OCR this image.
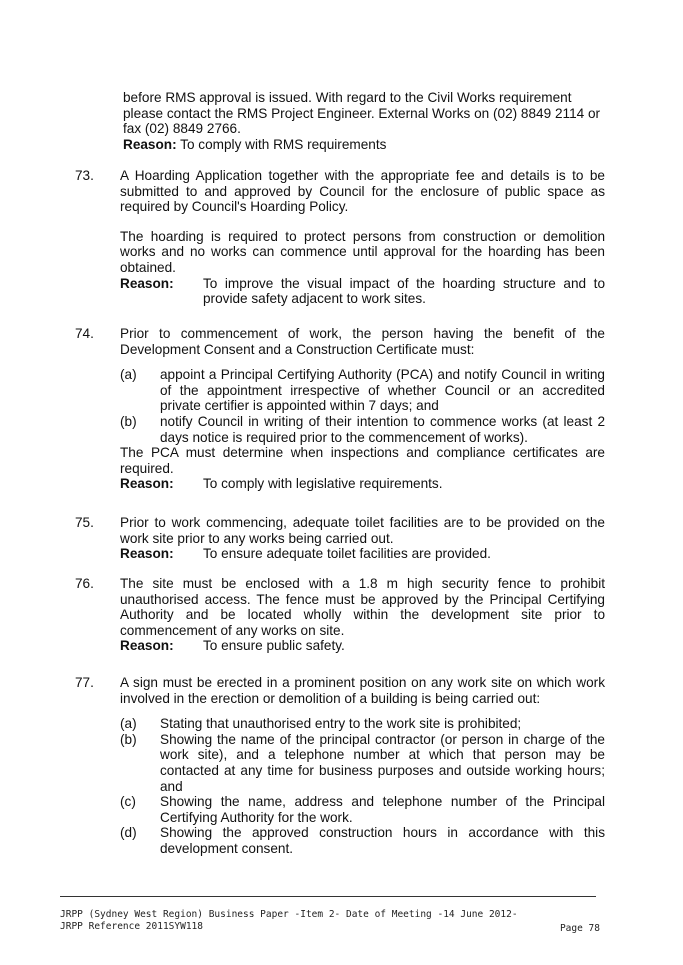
before RMS approval is issued. With regard to the Civil Works requirement please contact the RMS Project Engineer. External Works on (02) 8849 2114 or fax (02) 8849 2766.

Reason: To comply with RMS requirements
73.	A Hoarding Application together with the appropriate fee and details is to be submitted to and approved by Council for the enclosure of public space as required by Council's Hoarding Policy.

The hoarding is required to protect persons from construction or demolition works and no works can commence until approval for the hoarding has been obtained.

Reason:	To improve the visual impact of the hoarding structure and to provide safety adjacent to work sites.
74.	Prior to commencement of work, the person having the benefit of the Development Consent and a Construction Certificate must:

(a)	appoint a Principal Certifying Authority (PCA) and notify Council in writing of the appointment irrespective of whether Council or an accredited private certifier is appointed within 7 days; and
(b)	notify Council in writing of their intention to commence works (at least 2 days notice is required prior to the commencement of works).

The PCA must determine when inspections and compliance certificates are required.

Reason:	To comply with legislative requirements.
75.	Prior to work commencing, adequate toilet facilities are to be provided on the work site prior to any works being carried out.

Reason:	To ensure adequate toilet facilities are provided.
76.	The site must be enclosed with a 1.8 m high security fence to prohibit unauthorised access. The fence must be approved by the Principal Certifying Authority and be located wholly within the development site prior to commencement of any works on site.

Reason:	To ensure public safety.
77.	A sign must be erected in a prominent position on any work site on which work involved in the erection or demolition of a building is being carried out:

(a)	Stating that unauthorised entry to the work site is prohibited;
(b)	Showing the name of the principal contractor (or person in charge of the work site), and a telephone number at which that person may be contacted at any time for business purposes and outside working hours; and
(c)	Showing the name, address and telephone number of the Principal Certifying Authority for the work.
(d)	Showing the approved construction hours in accordance with this development consent.
JRPP (Sydney West Region) Business Paper -Item 2- Date of Meeting -14 June 2012-
JRPP Reference 2011SYW118	Page 78
